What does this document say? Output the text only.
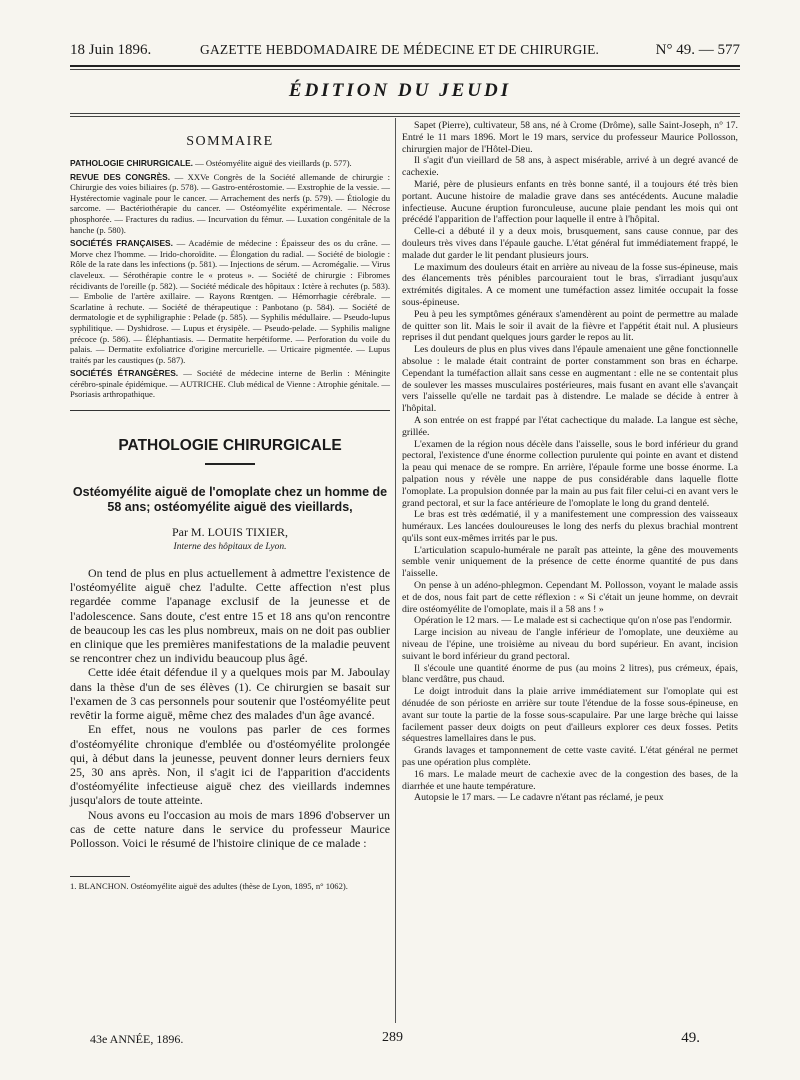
18 Juin 1896.	GAZETTE HEBDOMADAIRE DE MÉDECINE ET DE CHIRURGIE.	N° 49. — 577
ÉDITION DU JEUDI
SOMMAIRE
PATHOLOGIE CHIRURGICALE. — Ostéomyélite aiguë des vieillards (p. 577).
REVUE DES CONGRÈS. — XXVe Congrès de la Société allemande de chirurgie : Chirurgie des voies biliaires (p. 578). — Gastro-entérostomie. — Exstrophie de la vessie. — Hystérectomie vaginale pour le cancer. — Arrachement des nerfs (p. 579). — Étiologie du sarcome. — Bactériothérapie du cancer. — Ostéomyélite expérimentale. — Nécrose phosphorée. — Fractures du radius. — Incurvation du fémur. — Luxation congénitale de la hanche (p. 580).
SOCIÉTÉS FRANÇAISES. — Académie de médecine : Épaisseur des os du crâne. — Morve chez l'homme. — Irido-choroïdite. — Élongation du radial. — Société de biologie : Rôle de la rate dans les infections (p. 581). — Injections de sérum. — Acromégalie. — Virus claveleux. — Sérothérapie contre le « proteus ». — Société de chirurgie : Fibromes récidivants de l'oreille (p. 582). — Société médicale des hôpitaux : Ictère à rechutes (p. 583). — Embolie de l'artère axillaire. — Rayons Rœntgen. — Hémorrhagie cérébrale. — Scarlatine à rechute. — Société de thérapeutique : Panbotano (p. 584). — Société de dermatologie et de syphiligraphie : Pelade (p. 585). — Syphilis médullaire. — Pseudo-lupus syphilitique. — Dyshidrose. — Lupus et érysipèle. — Pseudo-pelade. — Syphilis maligne précoce (p. 586). — Éléphantiasis. — Dermatite herpétiforme. — Perforation du voile du palais. — Dermatite exfoliatrice d'origine mercurielle. — Urticaire pigmentée. — Lupus traités par les caustiques (p. 587).
SOCIÉTÉS ÉTRANGÈRES. — Société de médecine interne de Berlin : Méningite cérébro-spinale épidémique. — AUTRICHE. Club médical de Vienne : Atrophie génitale. — Psoriasis arthropathique.
PATHOLOGIE CHIRURGICALE
Ostéomyélite aiguë de l'omoplate chez un homme de 58 ans; ostéomyélite aiguë des vieillards,
Par M. LOUIS TIXIER,
Interne des hôpitaux de Lyon.

On tend de plus en plus actuellement à admettre l'existence de l'ostéomyélite aiguë chez l'adulte. Cette affection n'est plus regardée comme l'apanage exclusif de la jeunesse et de l'adolescence. Sans doute, c'est entre 15 et 18 ans qu'on rencontre de beaucoup les cas les plus nombreux, mais on ne doit pas oublier en clinique que les premières manifestations de la maladie peuvent se rencontrer chez un individu beaucoup plus âgé.

Cette idée était défendue il y a quelques mois par M. Jaboulay dans la thèse d'un de ses élèves (1). Ce chirurgien se basait sur l'examen de 3 cas personnels pour soutenir que l'ostéomyélite peut revêtir la forme aiguë, même chez des malades d'un âge avancé.

En effet, nous ne voulons pas parler de ces formes d'ostéomyélite chronique d'emblée ou d'ostéomyélite prolongée qui, à début dans la jeunesse, peuvent donner leurs derniers feux 25, 30 ans après. Non, il s'agit ici de l'apparition d'accidents d'ostéomyélite infectieuse aiguë chez des vieillards indemnes jusqu'alors de toute atteinte.

Nous avons eu l'occasion au mois de mars 1896 d'observer un cas de cette nature dans le service du professeur Maurice Pollosson. Voici le résumé de l'histoire clinique de ce malade :

1. BLANCHON. Ostéomyélite aiguë des adultes (thèse de Lyon, 1895, n° 1062).

Sapet (Pierre), cultivateur, 58 ans, né à Crome (Drôme), salle Saint-Joseph, n° 17. Entré le 11 mars 1896. Mort le 19 mars, service du professeur Maurice Pollosson, chirurgien major de l'Hôtel-Dieu.

Il s'agit d'un vieillard de 58 ans, à aspect misérable, arrivé à un degré avancé de cachexie.

Marié, père de plusieurs enfants en très bonne santé, il a toujours été très bien portant. Aucune histoire de maladie grave dans ses antécédents. Aucune maladie infectieuse. Aucune éruption furonculeuse, aucune plaie pendant les mois qui ont précédé l'apparition de l'affection pour laquelle il entre à l'hôpital.

Celle-ci a débuté il y a deux mois, brusquement, sans cause connue, par des douleurs très vives dans l'épaule gauche. L'état général fut immédiatement frappé, le malade dut garder le lit pendant plusieurs jours.

Le maximum des douleurs était en arrière au niveau de la fosse sus-épineuse, mais des élancements très pénibles parcouraient tout le bras, s'irradiant jusqu'aux extrémités digitales. A ce moment une tuméfaction assez limitée occupait la fosse sous-épineuse.

Peu à peu les symptômes généraux s'amendèrent au point de permettre au malade de quitter son lit. Mais le soir il avait de la fièvre et l'appétit était nul. A plusieurs reprises il dut pendant quelques jours garder le repos au lit.

Les douleurs de plus en plus vives dans l'épaule amenaient une gêne fonctionnelle absolue : le malade était contraint de porter constamment son bras en écharpe. Cependant la tuméfaction allait sans cesse en augmentant : elle ne se contentait plus de soulever les masses musculaires postérieures, mais fusant en avant elle s'avançait vers l'aisselle qu'elle ne tardait pas à distendre. Le malade se décide à entrer à l'hôpital.

A son entrée on est frappé par l'état cachectique du malade. La langue est sèche, grillée.

L'examen de la région nous décèle dans l'aisselle, sous le bord inférieur du grand pectoral, l'existence d'une énorme collection purulente qui pointe en avant et distend la peau qui menace de se rompre. En arrière, l'épaule forme une bosse énorme. La palpation nous y révèle une nappe de pus considérable dans laquelle flotte l'omoplate. La propulsion donnée par la main au pus fait filer celui-ci en avant vers le grand pectoral, et sur la face antérieure de l'omoplate le long du grand dentelé.

Le bras est très œdématié, il y a manifestement une compression des vaisseaux huméraux. Les lancées douloureuses le long des nerfs du plexus brachial montrent qu'ils sont eux-mêmes irrités par le pus.

L'articulation scapulo-humérale ne paraît pas atteinte, la gêne des mouvements semble venir uniquement de la présence de cette énorme quantité de pus dans l'aisselle.

On pense à un adéno-phlegmon. Cependant M. Pollosson, voyant le malade assis et de dos, nous fait part de cette réflexion : « Si c'était un jeune homme, on devrait dire ostéomyélite de l'omoplate, mais il a 58 ans ! »

Opération le 12 mars. — Le malade est si cachectique qu'on n'ose pas l'endormir.

Large incision au niveau de l'angle inférieur de l'omoplate, une deuxième au niveau de l'épine, une troisième au niveau du bord supérieur. En avant, incision suivant le bord inférieur du grand pectoral.

Il s'écoule une quantité énorme de pus (au moins 2 litres), pus crémeux, épais, blanc verdâtre, pus chaud.

Le doigt introduit dans la plaie arrive immédiatement sur l'omoplate qui est dénudée de son périoste en arrière sur toute l'étendue de la fosse sous-épineuse, en avant sur toute la partie de la fosse sous-scapulaire. Par une large brèche qui laisse facilement passer deux doigts on peut d'ailleurs explorer ces deux fosses. Petits séquestres lamellaires dans le pus.

Grands lavages et tamponnement de cette vaste cavité. L'état général ne permet pas une opération plus complète.

16 mars. Le malade meurt de cachexie avec de la congestion des bases, de la diarrhée et une haute température.

Autopsie le 17 mars. — Le cadavre n'étant pas réclamé, je peux

43e ANNÉE, 1896.	289	49.
